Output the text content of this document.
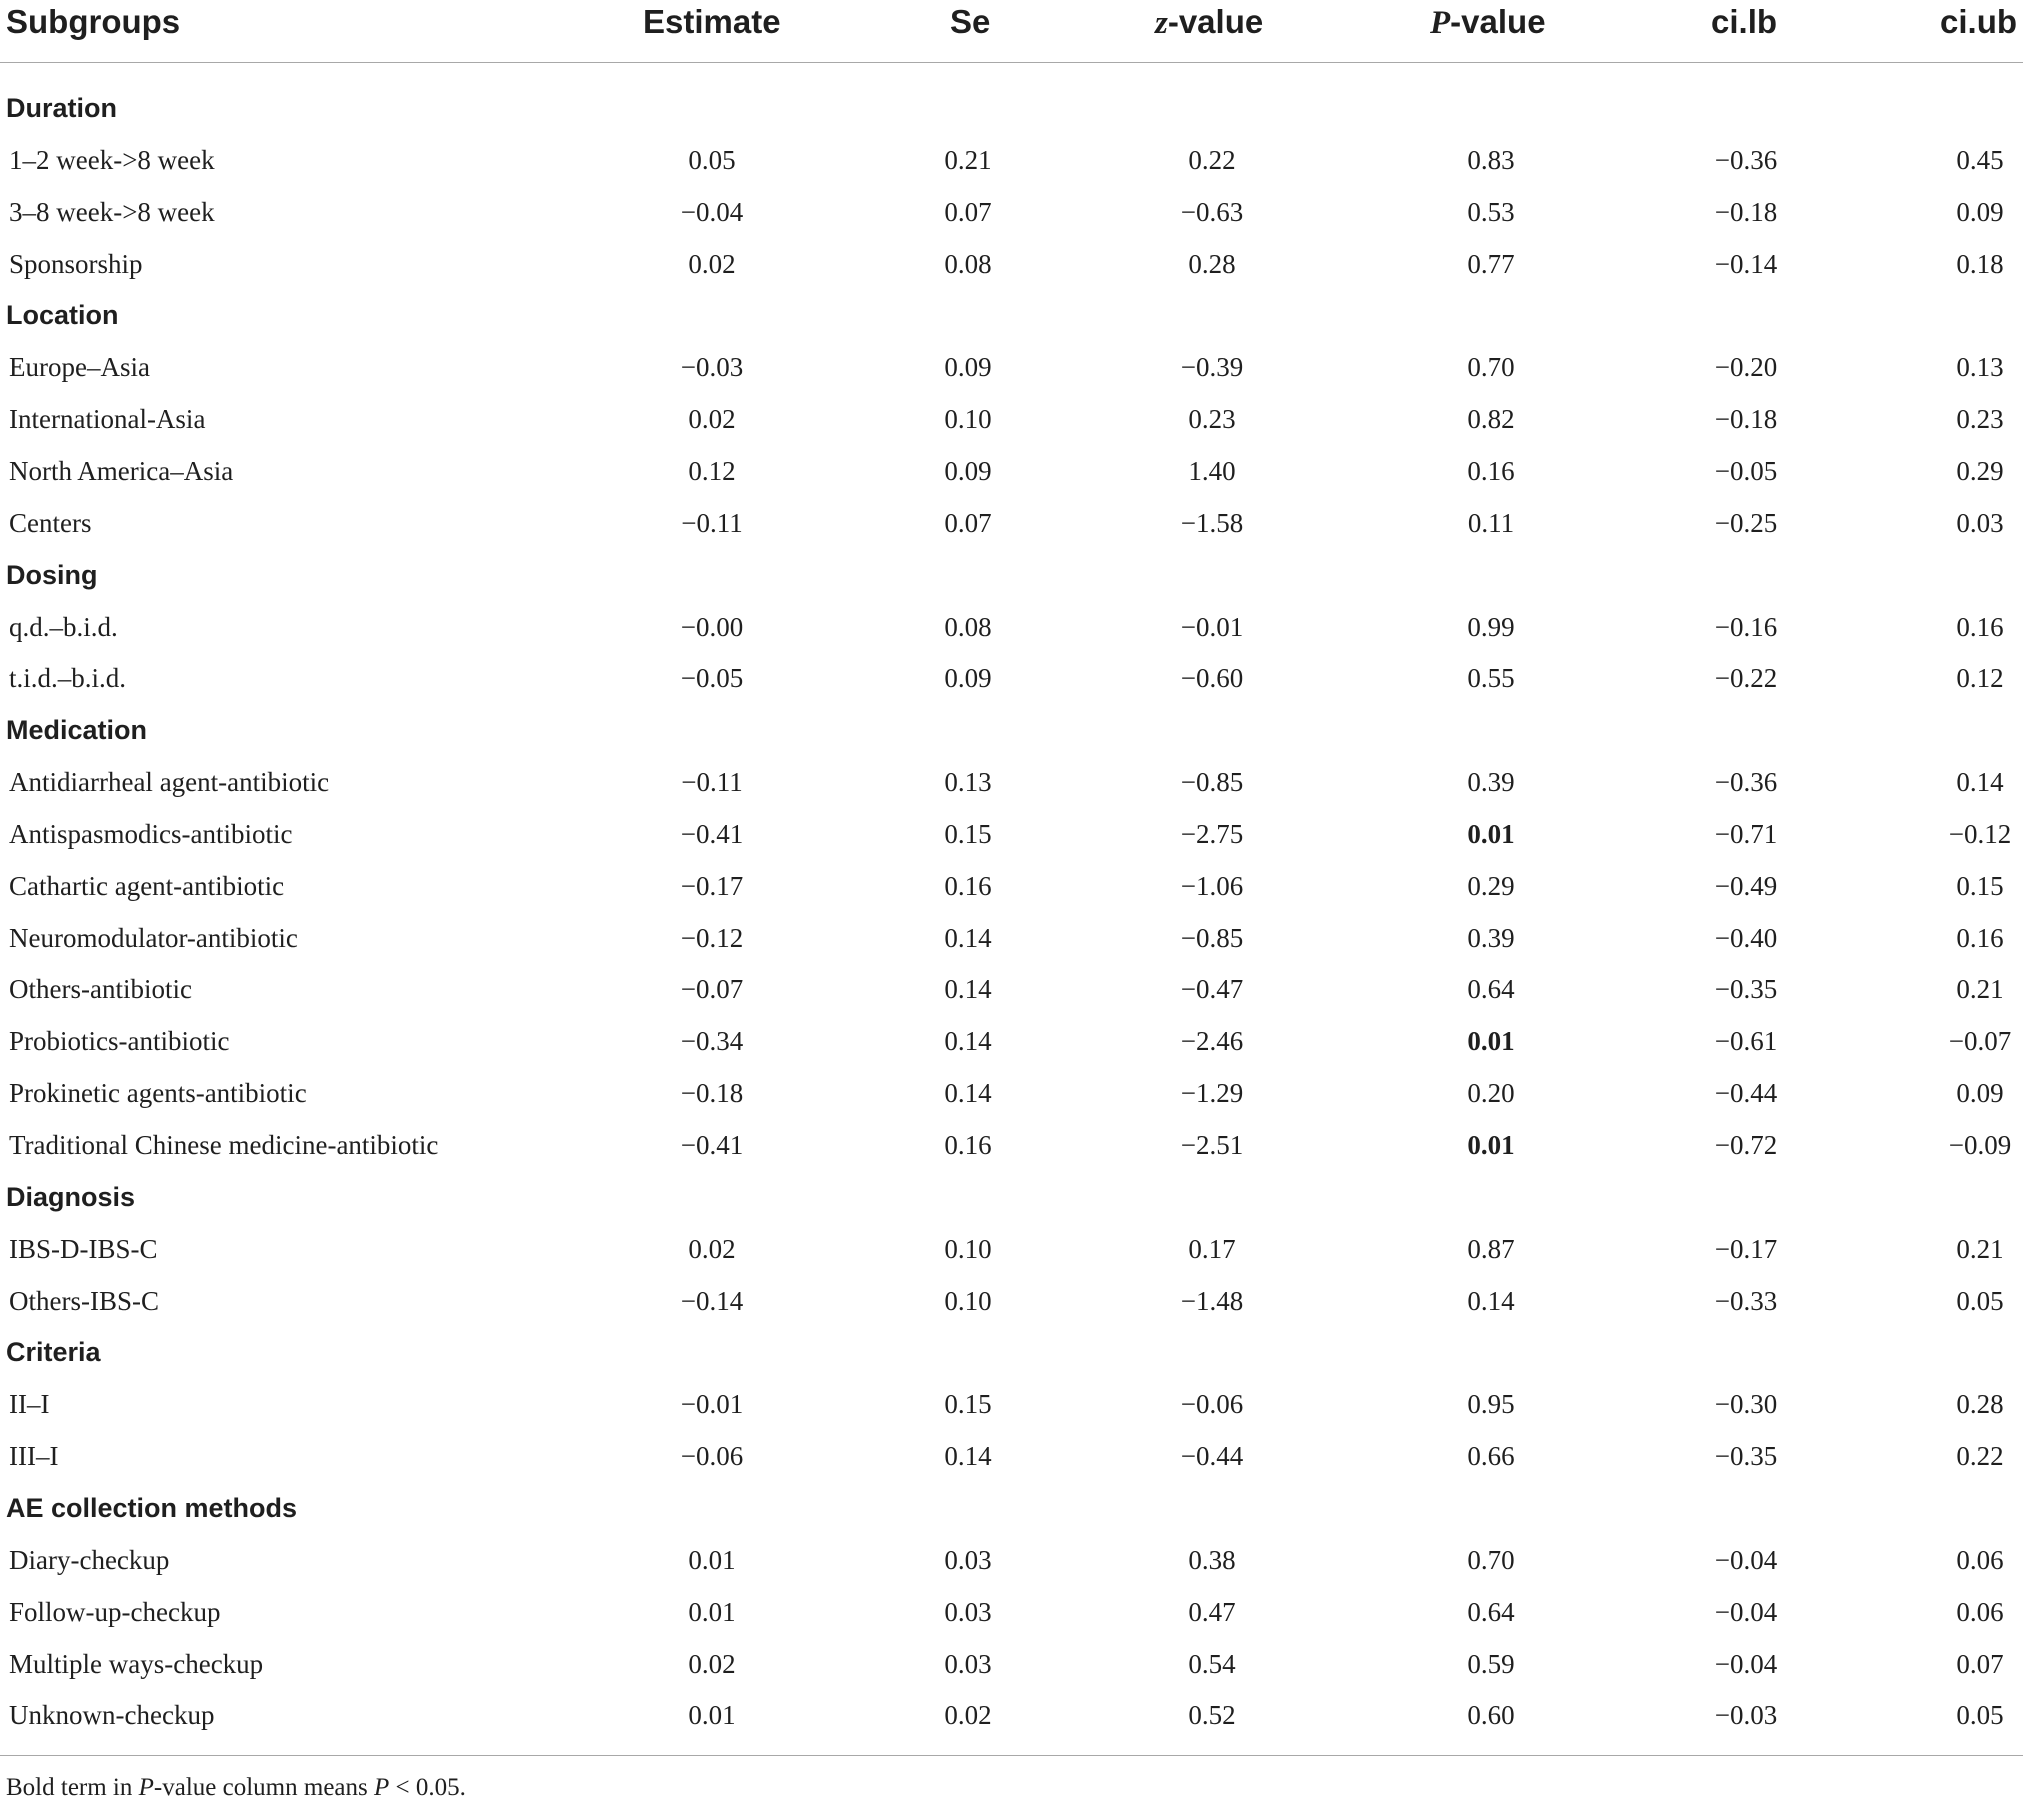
Subgroups	Estimate	Se	z-value	P-value	ci.lb	ci.ub
Duration
1–2 week->8 week	0.05	0.21	0.22	0.83	−0.36	0.45
3–8 week->8 week	−0.04	0.07	−0.63	0.53	−0.18	0.09
Sponsorship	0.02	0.08	0.28	0.77	−0.14	0.18
Location
Europe–Asia	−0.03	0.09	−0.39	0.70	−0.20	0.13
International-Asia	0.02	0.10	0.23	0.82	−0.18	0.23
North America–Asia	0.12	0.09	1.40	0.16	−0.05	0.29
Centers	−0.11	0.07	−1.58	0.11	−0.25	0.03
Dosing
q.d.–b.i.d.	−0.00	0.08	−0.01	0.99	−0.16	0.16
t.i.d.–b.i.d.	−0.05	0.09	−0.60	0.55	−0.22	0.12
Medication
Antidiarrheal agent-antibiotic	−0.11	0.13	−0.85	0.39	−0.36	0.14
Antispasmodics-antibiotic	−0.41	0.15	−2.75	0.01	−0.71	−0.12
Cathartic agent-antibiotic	−0.17	0.16	−1.06	0.29	−0.49	0.15
Neuromodulator-antibiotic	−0.12	0.14	−0.85	0.39	−0.40	0.16
Others-antibiotic	−0.07	0.14	−0.47	0.64	−0.35	0.21
Probiotics-antibiotic	−0.34	0.14	−2.46	0.01	−0.61	−0.07
Prokinetic agents-antibiotic	−0.18	0.14	−1.29	0.20	−0.44	0.09
Traditional Chinese medicine-antibiotic	−0.41	0.16	−2.51	0.01	−0.72	−0.09
Diagnosis
IBS-D-IBS-C	0.02	0.10	0.17	0.87	−0.17	0.21
Others-IBS-C	−0.14	0.10	−1.48	0.14	−0.33	0.05
Criteria
II–I	−0.01	0.15	−0.06	0.95	−0.30	0.28
III–I	−0.06	0.14	−0.44	0.66	−0.35	0.22
AE collection methods
Diary-checkup	0.01	0.03	0.38	0.70	−0.04	0.06
Follow-up-checkup	0.01	0.03	0.47	0.64	−0.04	0.06
Multiple ways-checkup	0.02	0.03	0.54	0.59	−0.04	0.07
Unknown-checkup	0.01	0.02	0.52	0.60	−0.03	0.05
Bold term in P-value column means P < 0.05.
